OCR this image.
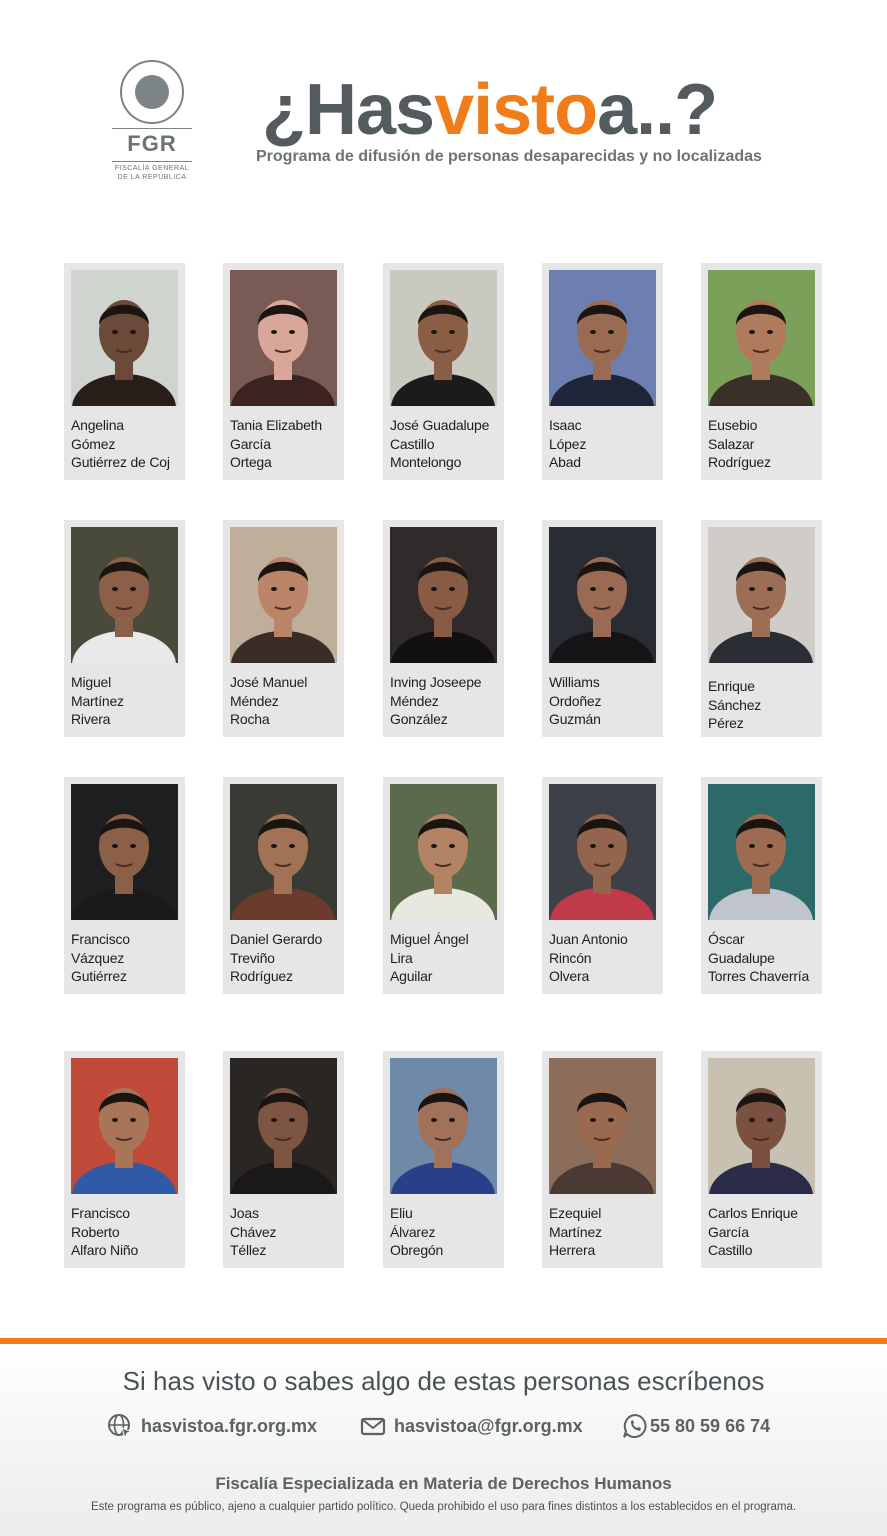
FGR
FISCALÍA GENERAL
DE LA REPÚBLICA
¿Hasvistoa..?
Programa de difusión de personas desaparecidas y no localizadas
Angelina
Gómez
Gutiérrez de Coj
Tania Elizabeth
García
Ortega
José Guadalupe
Castillo
Montelongo
Isaac
López
Abad
Eusebio
Salazar
Rodríguez
Miguel
Martínez
Rivera
José Manuel
Méndez
Rocha
Inving Joseepe
Méndez
González
Williams
Ordoñez
Guzmán
Enrique
Sánchez
Pérez
Francisco
Vázquez
Gutiérrez
Daniel Gerardo
Treviño
Rodríguez
Miguel Ángel
Lira
Aguilar
Juan Antonio
Rincón
Olvera
Óscar
Guadalupe
Torres Chaverría
Francisco
Roberto
Alfaro Niño
Joas
Chávez
Téllez
Eliu
Álvarez
Obregón
Ezequiel
Martínez
Herrera
Carlos Enrique
García
Castillo
Si has visto o sabes algo de estas personas escríbenos
hasvistoa.fgr.org.mx	hasvistoa@fgr.org.mx	55 80 59 66 74
Fiscalía Especializada en Materia de Derechos Humanos
Este programa es público, ajeno a cualquier partido político. Queda prohibido el uso para fines distintos a los establecidos en el programa.
